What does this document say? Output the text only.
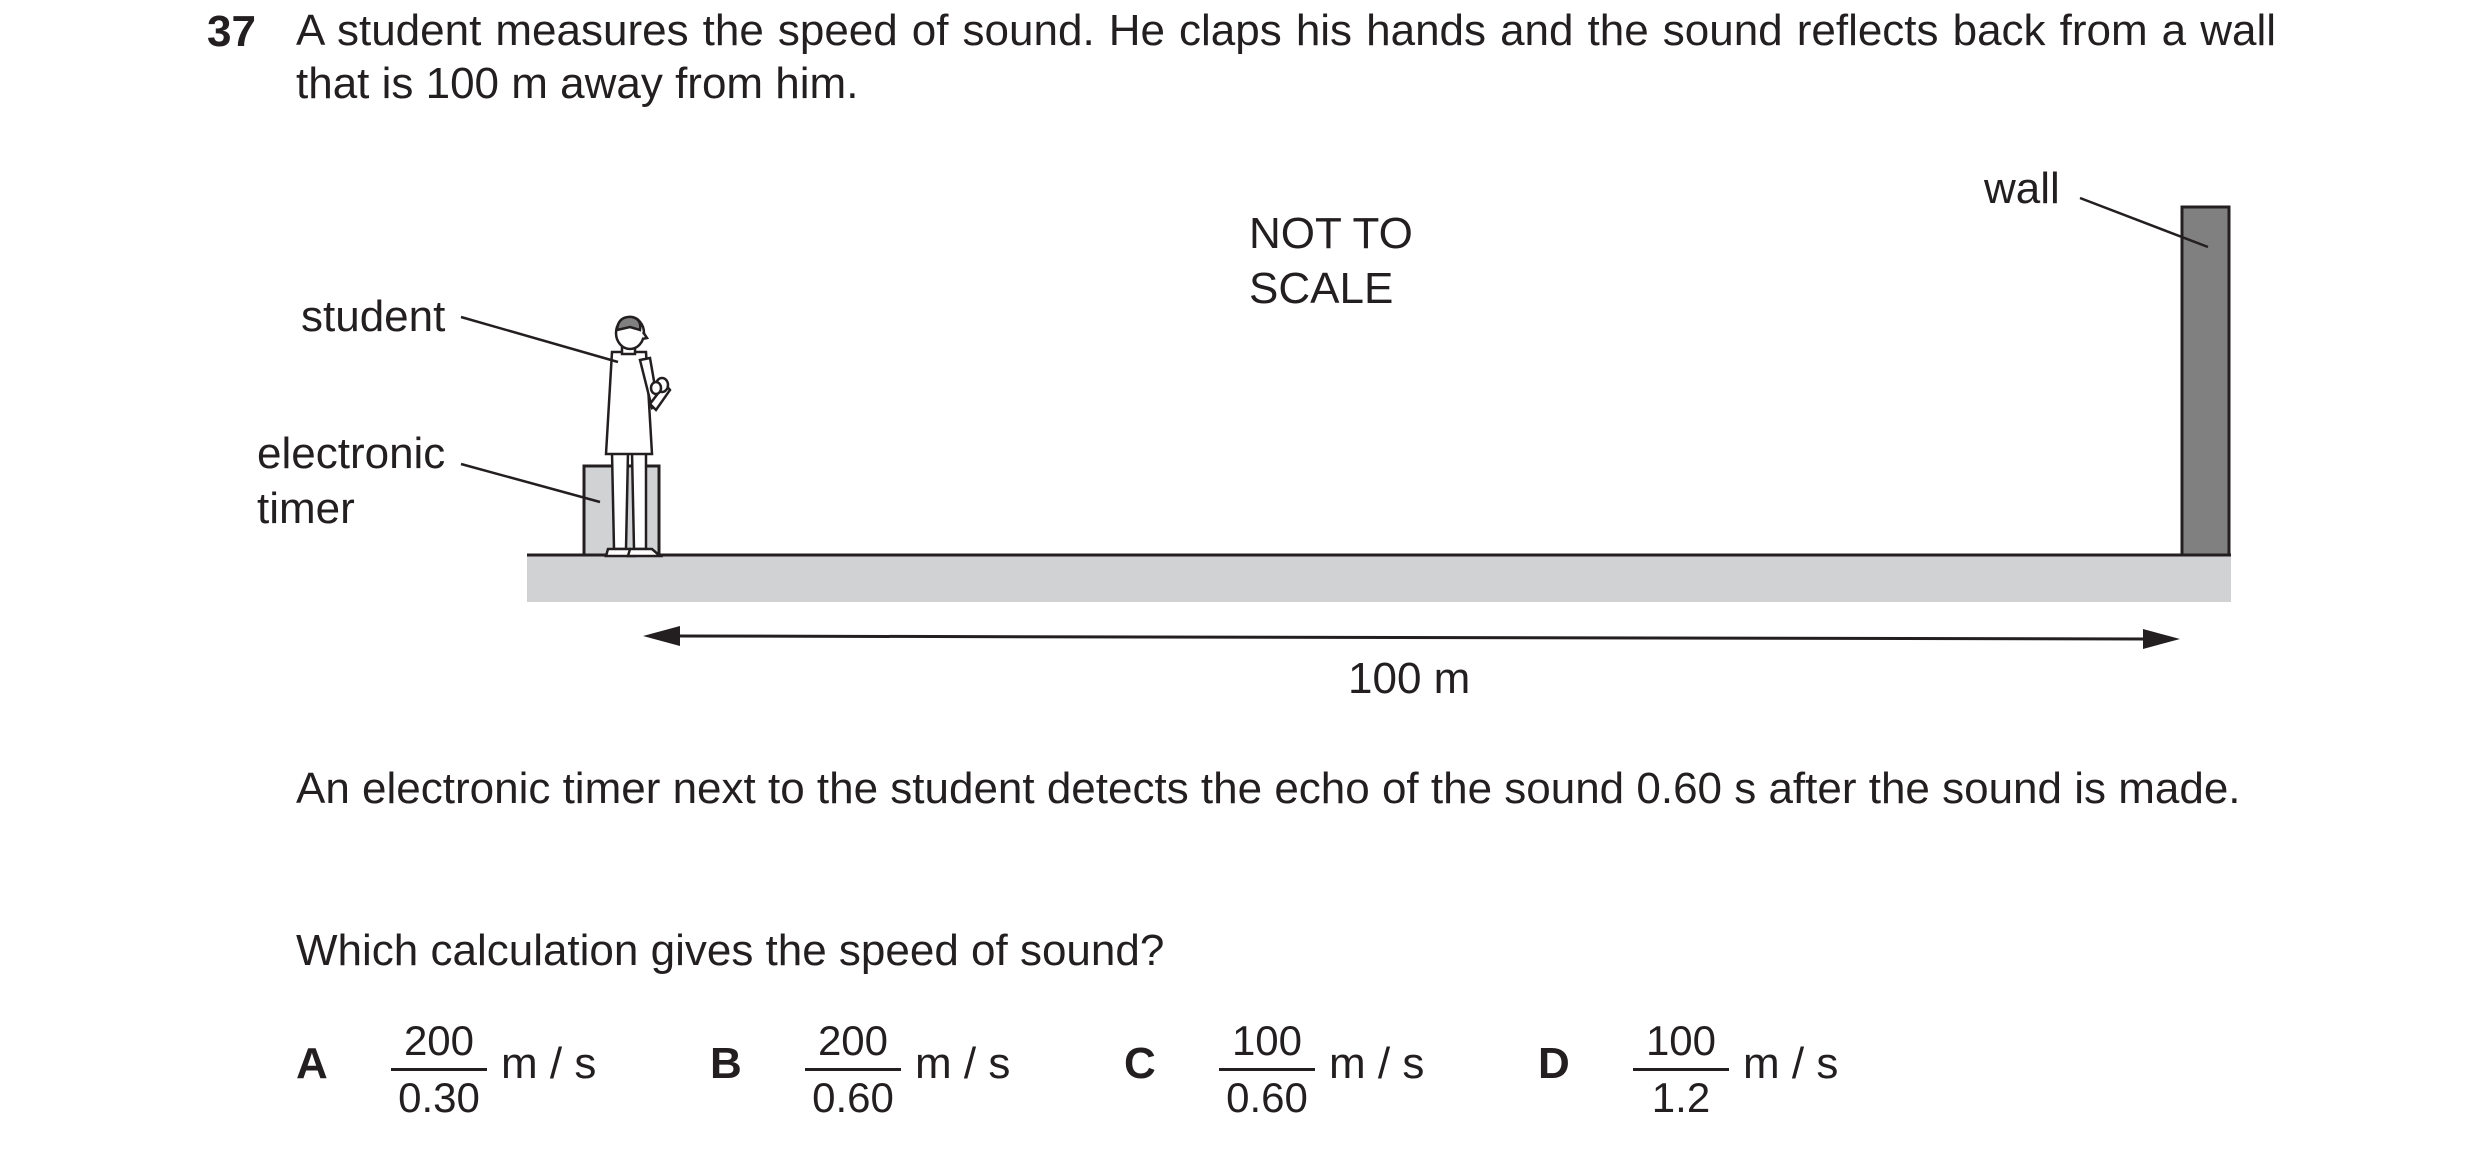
37 A student measures the speed of sound. He claps his hands and the sound reflects back from a wall that is 100 m away from him.
wall
NOT TO
SCALE
student
electronic
timer
100 m
An electronic timer next to the student detects the echo of the sound 0.60 s after the sound is made.
Which calculation gives the speed of sound?
A $\frac{200}{0.30}$ m / s	B $\frac{200}{0.60}$ m / s	C $\frac{100}{0.60}$ m / s	D $\frac{100}{1.2}$ m / s
